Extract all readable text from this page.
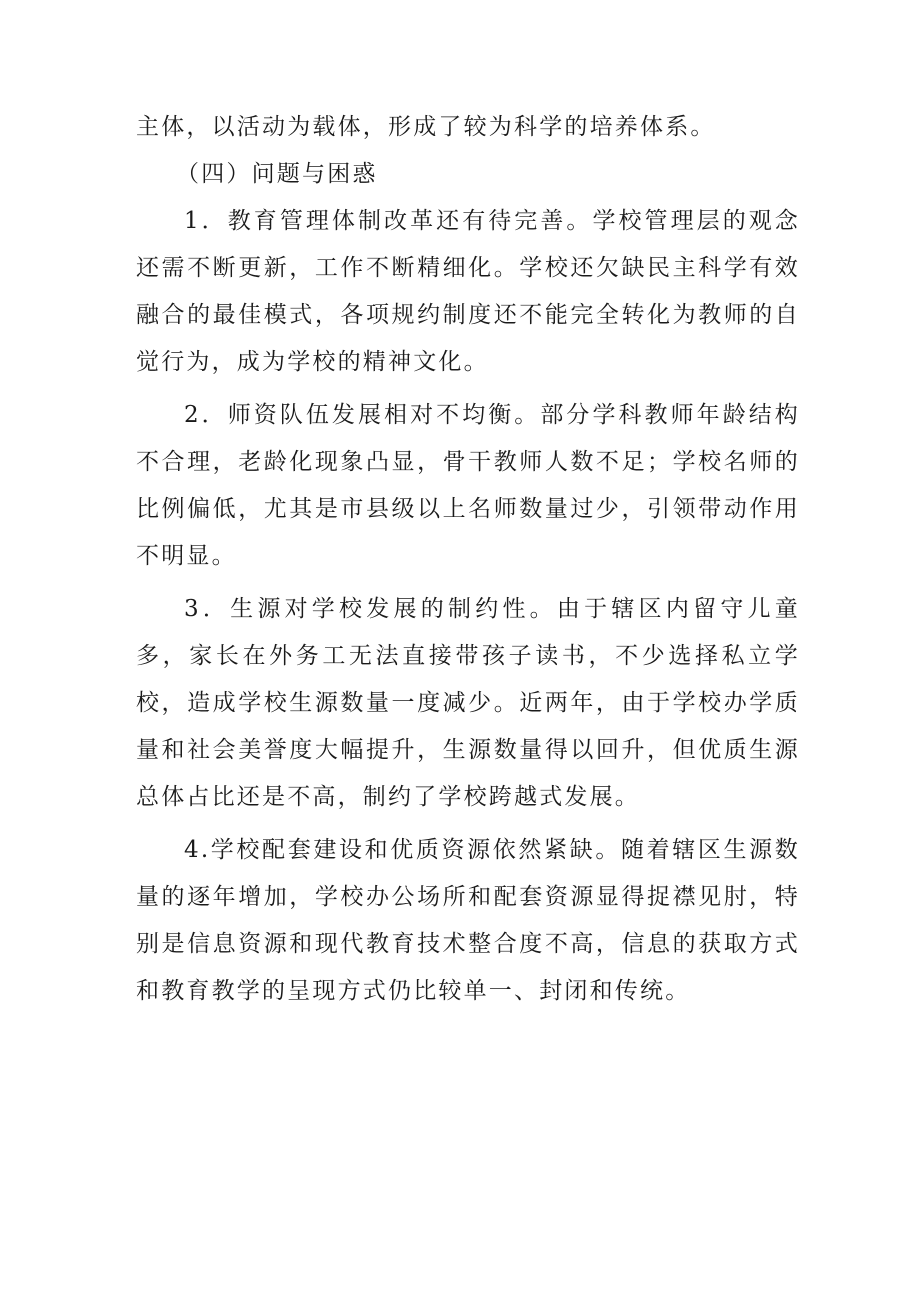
主体，以活动为载体，形成了较为科学的培养体系。

（四）问题与困惑

1．教育管理体制改革还有待完善。学校管理层的观念还需不断更新，工作不断精细化。学校还欠缺民主科学有效融合的最佳模式，各项规约制度还不能完全转化为教师的自觉行为，成为学校的精神文化。

2．师资队伍发展相对不均衡。部分学科教师年龄结构不合理，老龄化现象凸显，骨干教师人数不足；学校名师的比例偏低，尤其是市县级以上名师数量过少，引领带动作用不明显。

3．生源对学校发展的制约性。由于辖区内留守儿童多，家长在外务工无法直接带孩子读书，不少选择私立学校，造成学校生源数量一度减少。近两年，由于学校办学质量和社会美誉度大幅提升，生源数量得以回升，但优质生源总体占比还是不高，制约了学校跨越式发展。

4.学校配套建设和优质资源依然紧缺。随着辖区生源数量的逐年增加，学校办公场所和配套资源显得捉襟见肘，特别是信息资源和现代教育技术整合度不高，信息的获取方式和教育教学的呈现方式仍比较单一、封闭和传统。
